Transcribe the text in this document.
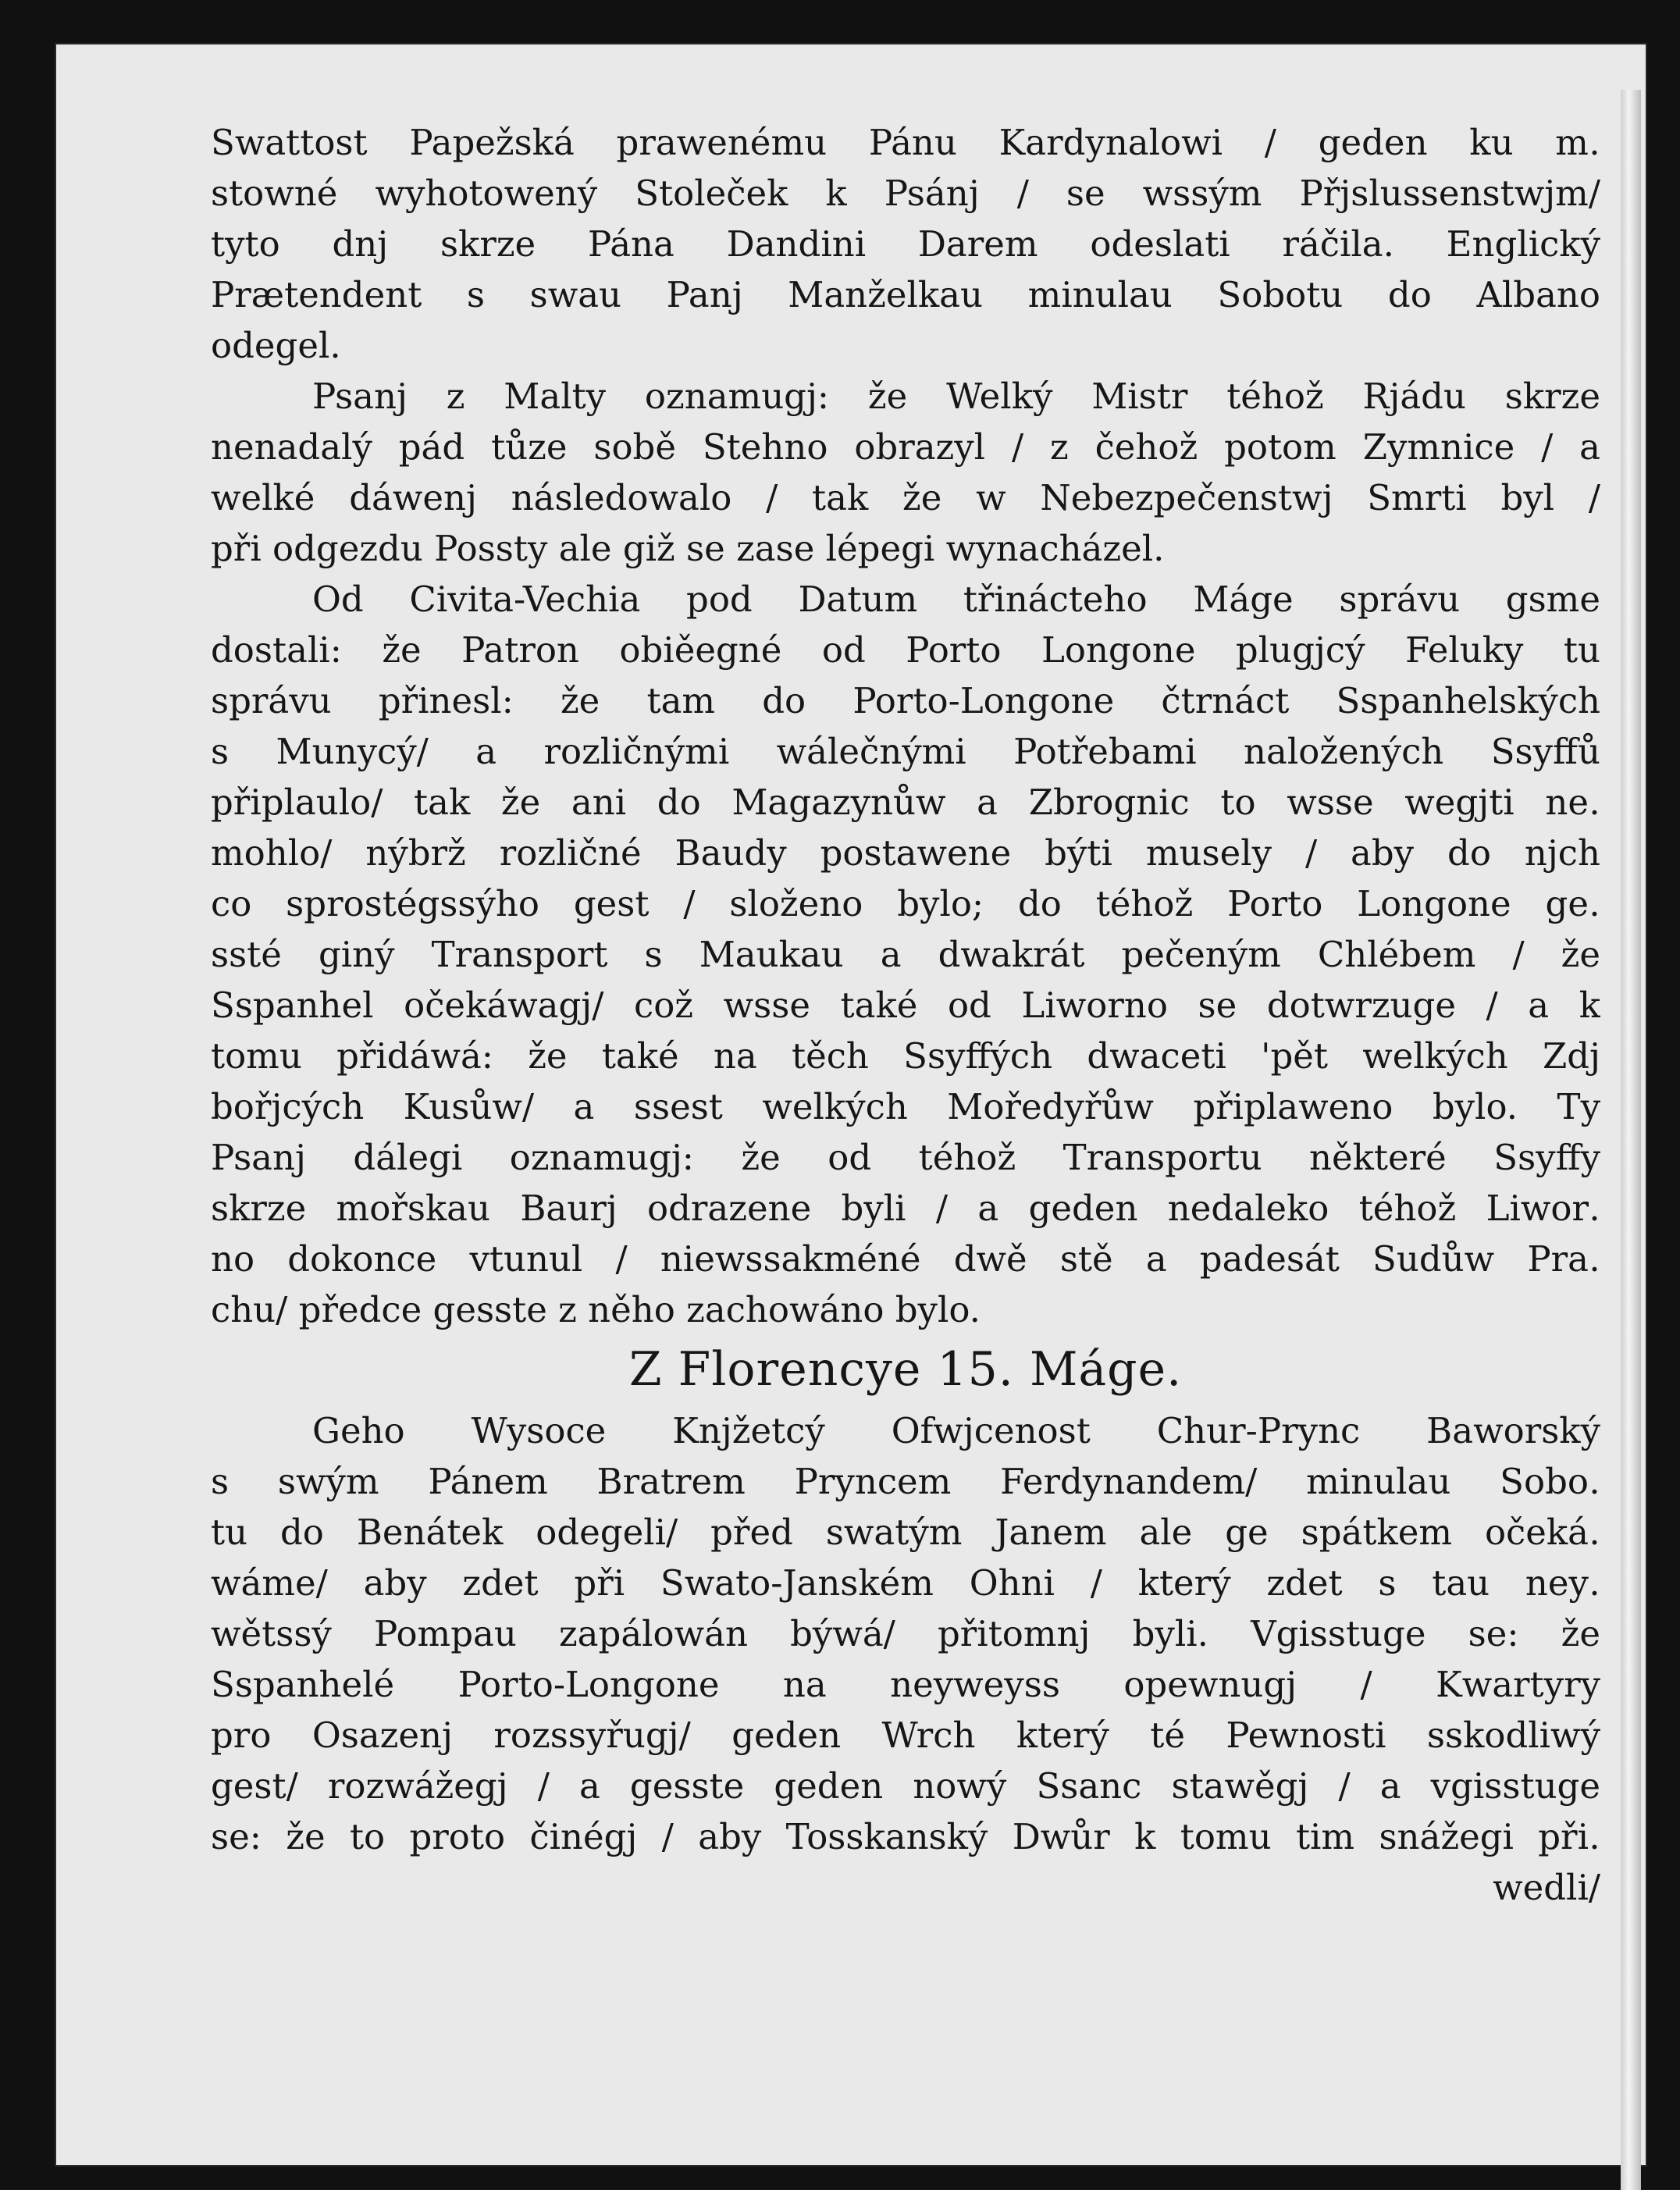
Swattost Papežská prawenému Pánu Kardynalowi / geden ku m․
stowné wyhotowený Stoleček k Psánj / se wssým Přjslussenstwjm/
tyto dnj skrze Pána Dandini Darem odeslati ráčila. Englický
Prætendent s swau Panj Manželkau minulau Sobotu do Albano
odegel.
Psanj z Malty oznamugj: že Welký Mistr téhož Rjádu skrze
nenadalý pád tůze sobě Stehno obrazyl / z čehož potom Zymnice / a
welké dáwenj následowalo / tak že w Nebezpečenstwj Smrti byl /
při odgezdu Possty ale giž se zase lépegi wynacházel.
Od Civita-Vechia pod Datum třinácteho Máge správu gsme
dostali: že Patron obiěegné od Porto Longone plugjcý Feluky tu
správu přinesl: že tam do Porto-Longone čtrnáct Sspanhelských
s Munycý/ a rozličnými wálečnými Potřebami naložených Ssyffů
připlaulo/ tak že ani do Magazynůw a Zbrognic to wsse wegjti ne․
mohlo/ nýbrž rozličné Baudy postawene býti musely / aby do njch
co sprostégssýho gest / složeno bylo; do téhož Porto Longone ge․
ssté giný Transport s Maukau a dwakrát pečeným Chlébem / že
Sspanhel očekáwagj/ což wsse také od Liworno se dotwrzuge / a k
tomu přidáwá: že také na těch Ssyffých dwaceti 'pět welkých Zdj
bořjcých Kusůw/ a ssest welkých Moředyřůw připlaweno bylo. Ty
Psanj dálegi oznamugj: že od téhož Transportu některé Ssyffy
skrze mořskau Baurj odrazene byli / a geden nedaleko téhož Liwor․
no dokonce vtunul / niewssakméné dwě stě a padesát Sudůw Pra․
chu/ předce gesste z něho zachowáno bylo.
Z Florencye 15. Máge.
Geho Wysoce Knjžetcý Ofwjcenost Chur-Prync Baworský
s swým Pánem Bratrem Pryncem Ferdynandem/ minulau Sobo․
tu do Benátek odegeli/ před swatým Janem ale ge spátkem očeká․
wáme/ aby zdet při Swato-Janském Ohni / který zdet s tau ney․
wětssý Pompau zapálowán býwá/ přitomnj byli. Vgisstuge se: že
Sspanhelé Porto-Longone na neyweyss opewnugj / Kwartyry
pro Osazenj rozssyřugj/ geden Wrch který té Pewnosti sskodliwý
gest/ rozwážegj / a gesste geden nowý Ssanc stawěgj / a vgisstuge
se: že to proto činégj / aby Tosskanský Dwůr k tomu tim snážegi při․
wedli/
